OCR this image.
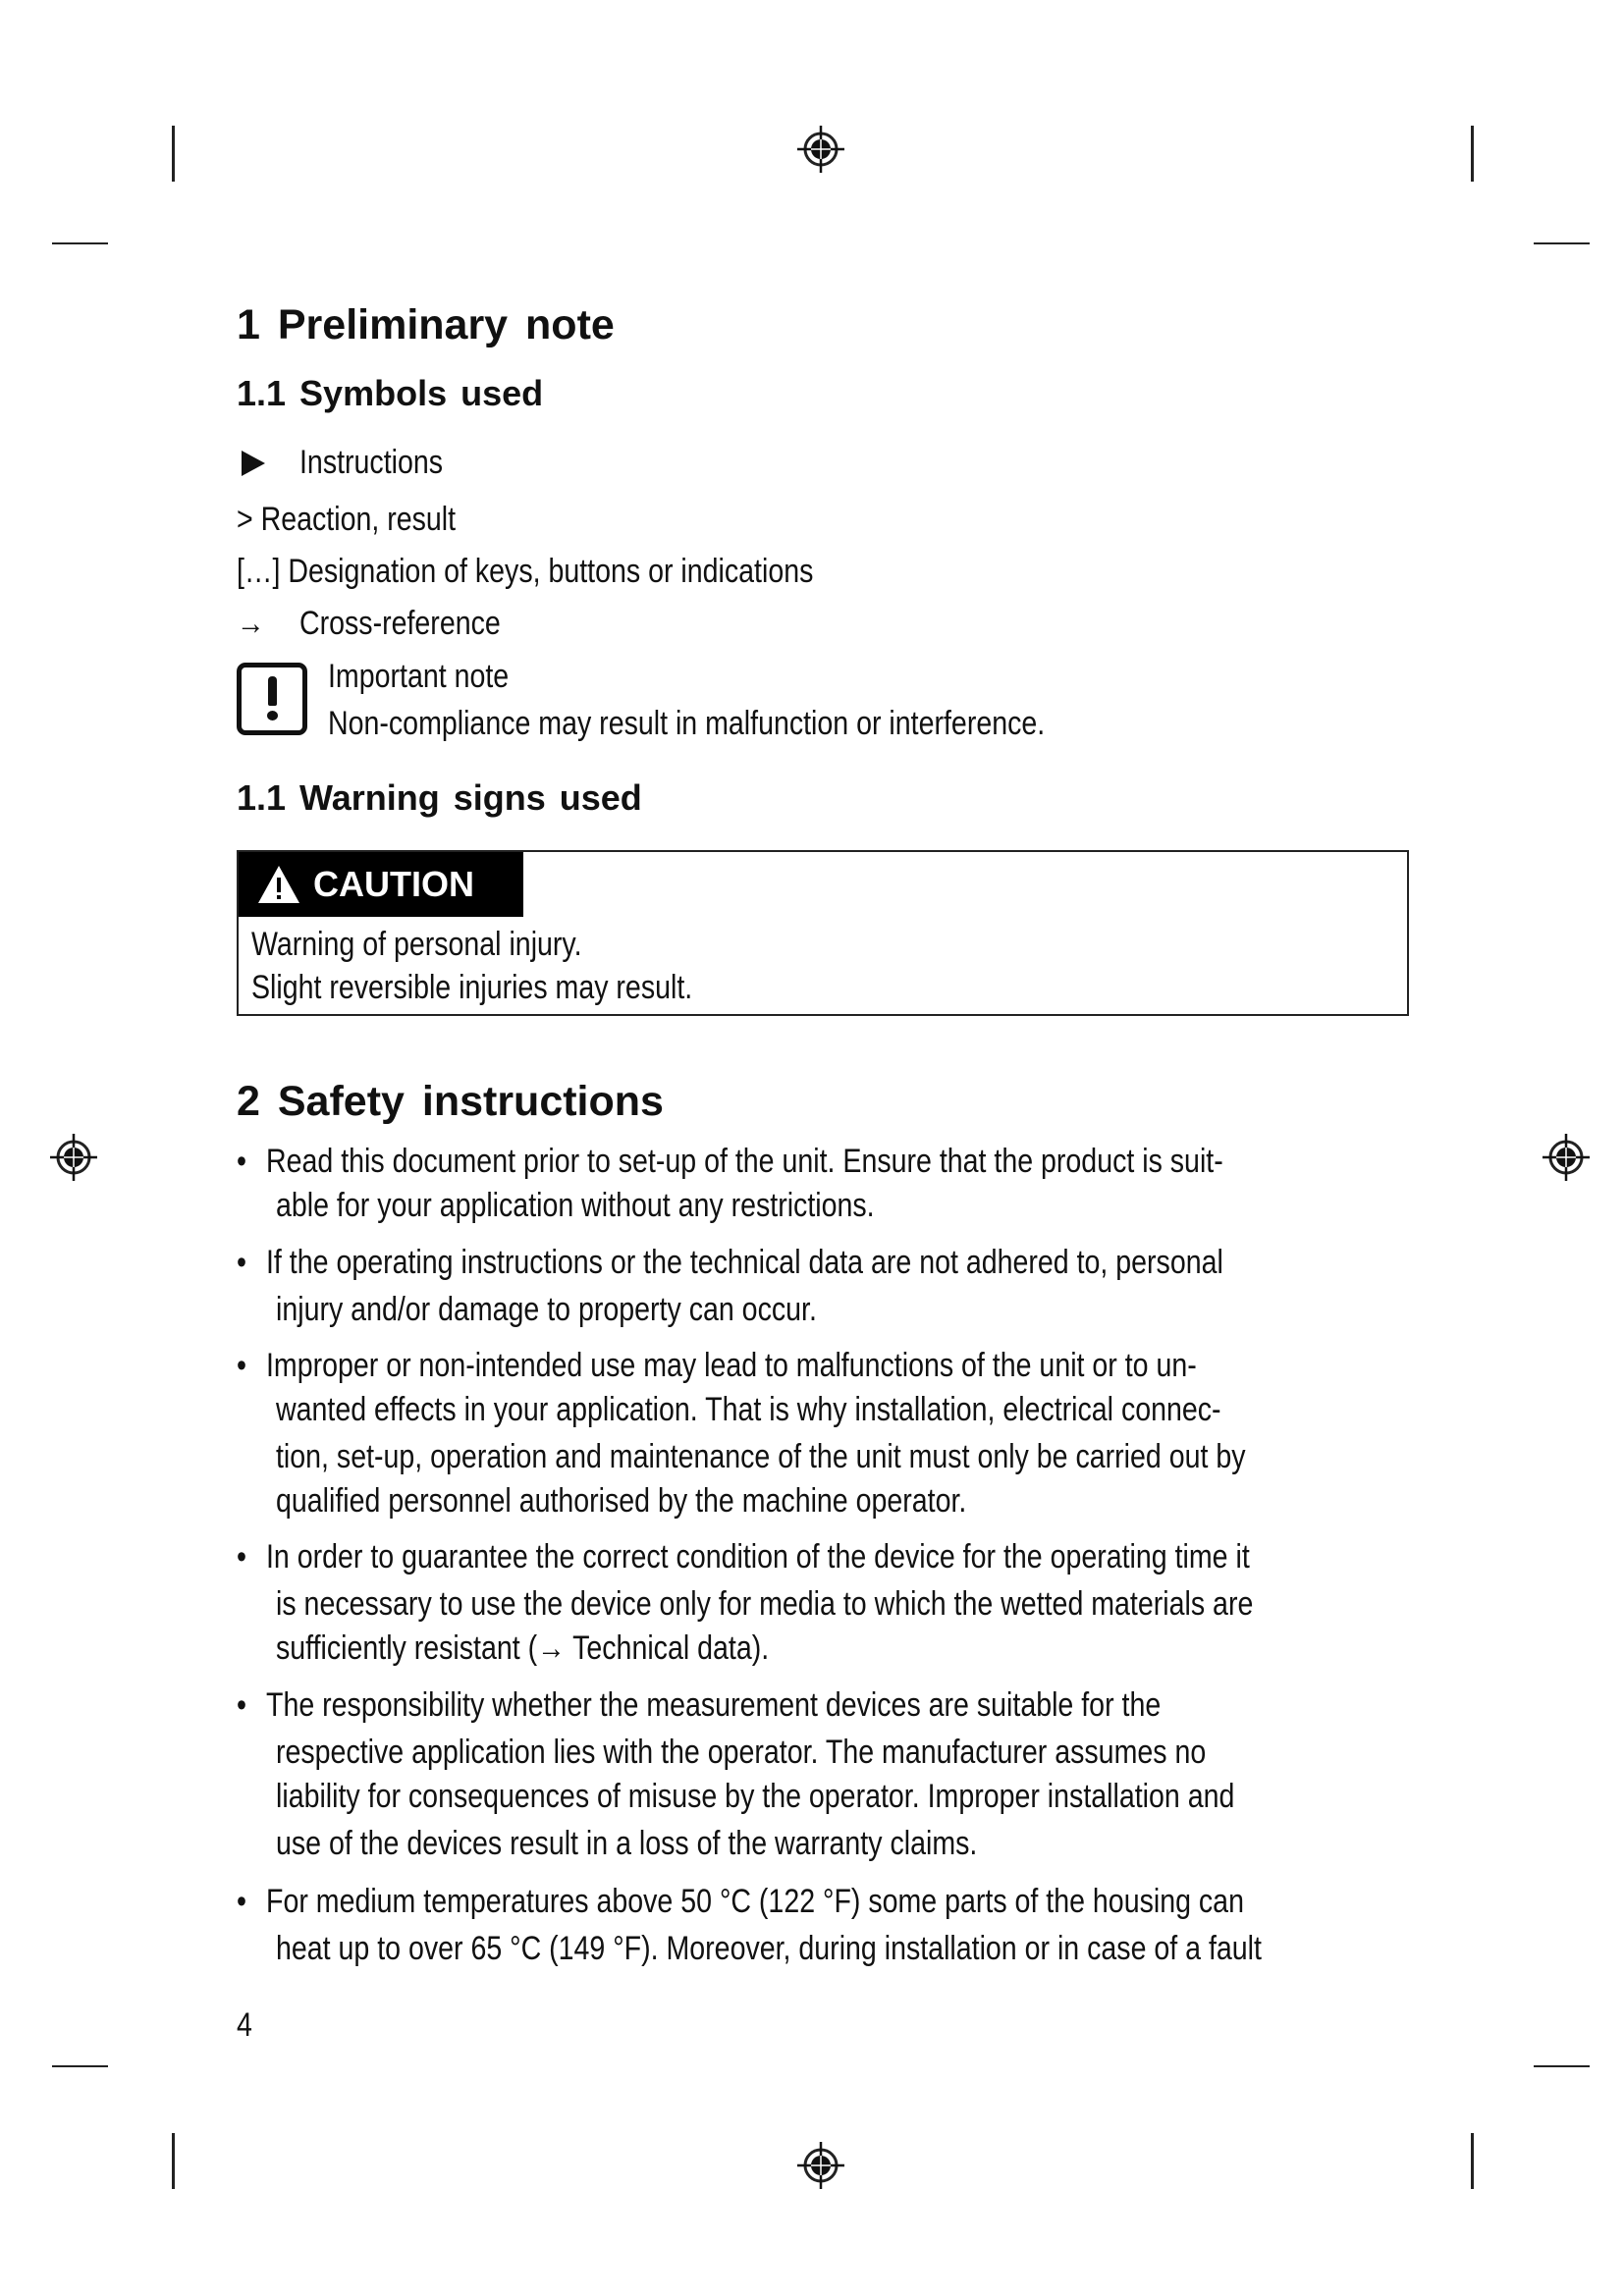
1 Preliminary note
1.1 Symbols used
Instructions
> Reaction, result
[…] Designation of keys, buttons or indications
→ Cross-reference
Important note
Non-compliance may result in malfunction or interference.
1.1 Warning signs used
CAUTION
Warning of personal injury.
Slight reversible injuries may result.
2 Safety instructions
• Read this document prior to set-up of the unit. Ensure that the product is suit-
able for your application without any restrictions.
• If the operating instructions or the technical data are not adhered to, personal
injury and/or damage to property can occur.
• Improper or non-intended use may lead to malfunctions of the unit or to un-
wanted effects in your application. That is why installation, electrical connec-
tion, set-up, operation and maintenance of the unit must only be carried out by
qualified personnel authorised by the machine operator.
• In order to guarantee the correct condition of the device for the operating time it
is necessary to use the device only for media to which the wetted materials are
sufficiently resistant (→ Technical data).
• The responsibility whether the measurement devices are suitable for the
respective application lies with the operator. The manufacturer assumes no
liability for consequences of misuse by the operator. Improper installation and
use of the devices result in a loss of the warranty claims.
• For medium temperatures above 50 °C (122 °F) some parts of the housing can
heat up to over 65 °C (149 °F). Moreover, during installation or in case of a fault
4
